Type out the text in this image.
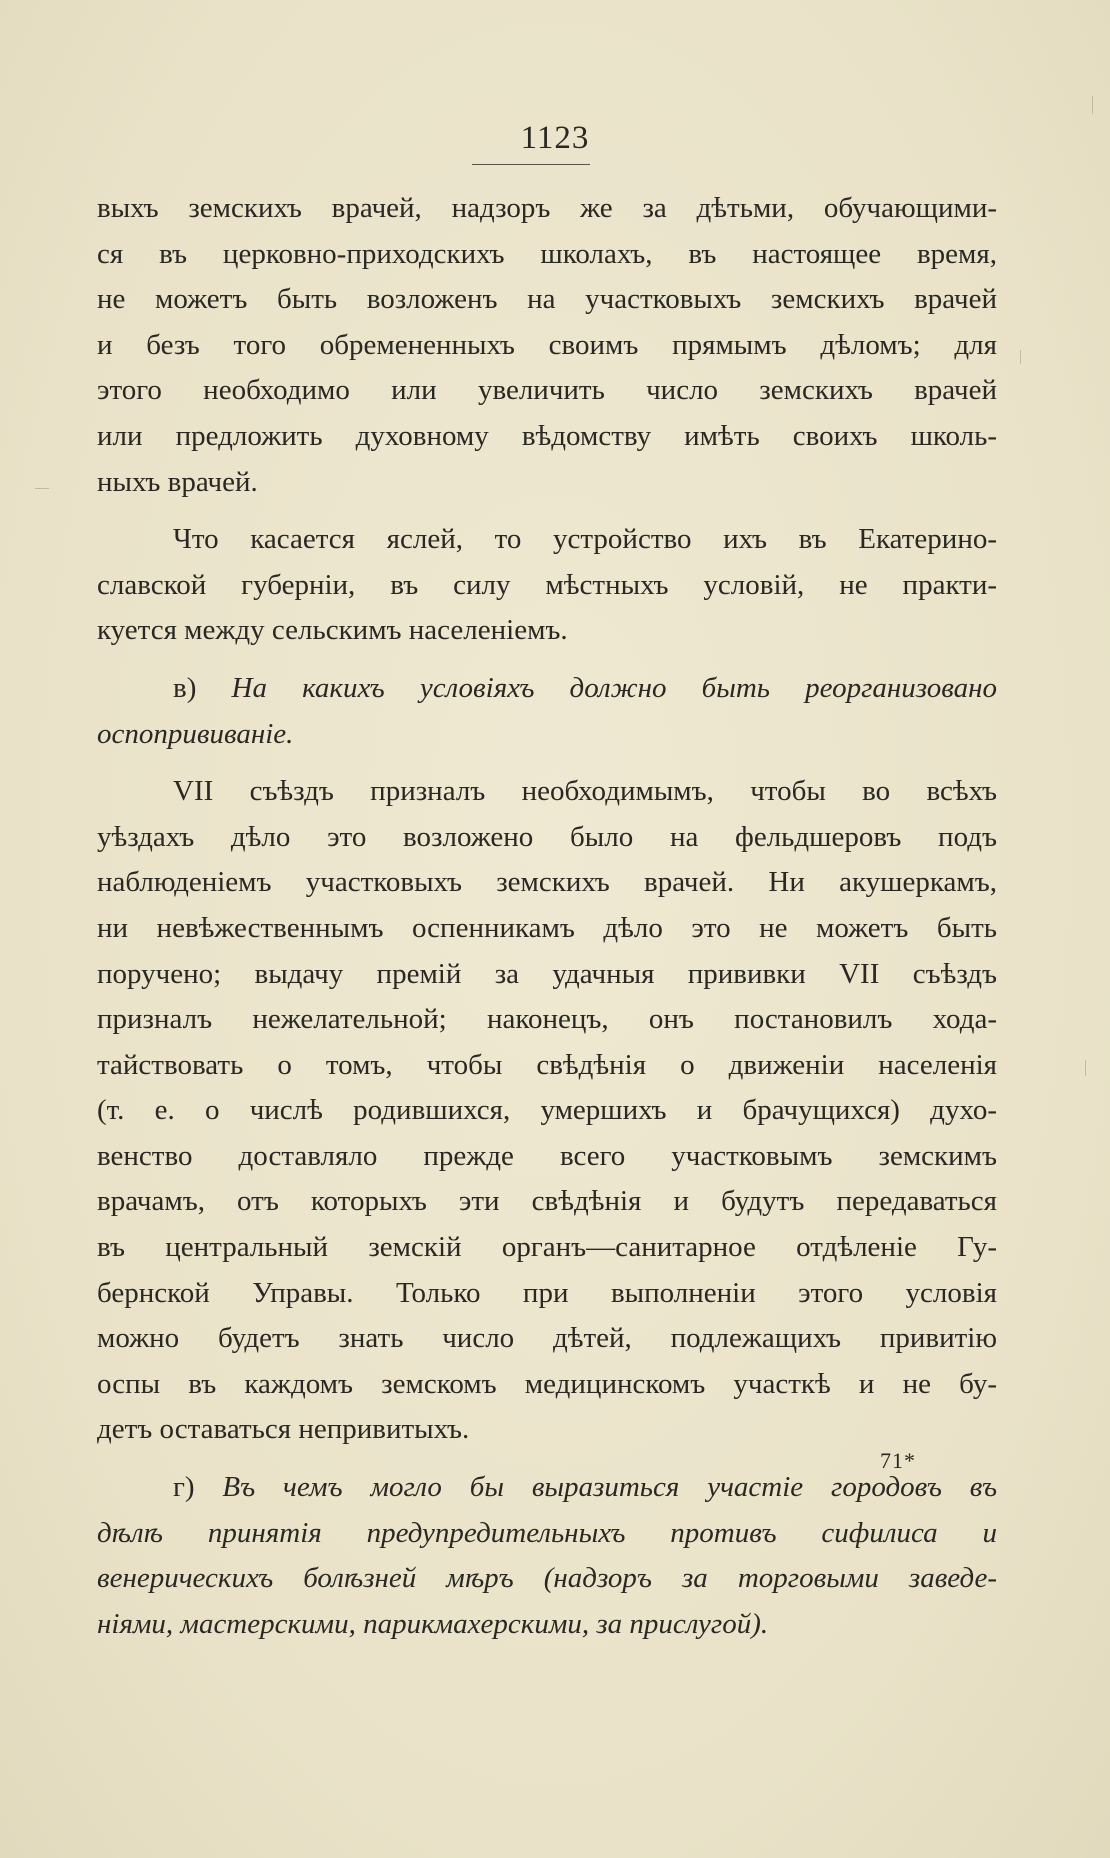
1123
выхъ земскихъ врачей, надзоръ же за дѣтьми, обучающими-
ся въ церковно-приходскихъ школахъ, въ настоящее время,
не можетъ быть возложенъ на участковыхъ земскихъ врачей
и безъ того обремененныхъ своимъ прямымъ дѣломъ; для
этого необходимо или увеличить число земскихъ врачей
или предложить духовному вѣдомству имѣть своихъ школь-
ныхъ врачей.
Что касается яслей, то устройство ихъ въ Екатерино-
славской губерніи, въ силу мѣстныхъ условій, не практи-
куется между сельскимъ населеніемъ.
в) На какихъ условіяхъ должно быть реорганизовано
оспопрививаніе.
VII съѣздъ призналъ необходимымъ, чтобы во всѣхъ
уѣздахъ дѣло это возложено было на фельдшеровъ подъ
наблюденіемъ участковыхъ земскихъ врачей. Ни акушеркамъ,
ни невѣжественнымъ оспенникамъ дѣло это не можетъ быть
поручено; выдачу премій за удачныя прививки VII съѣздъ
призналъ нежелательной; наконецъ, онъ постановилъ хода-
тайствовать о томъ, чтобы свѣдѣнія о движеніи населенія
(т. е. о числѣ родившихся, умершихъ и брачущихся) духо-
венство доставляло прежде всего участковымъ земскимъ
врачамъ, отъ которыхъ эти свѣдѣнія и будутъ передаваться
въ центральный земскій органъ—санитарное отдѣленіе Гу-
бернской Управы. Только при выполненіи этого условія
можно будетъ знать число дѣтей, подлежащихъ привитію
оспы въ каждомъ земскомъ медицинскомъ участкѣ и не бу-
детъ оставаться непривитыхъ.
г) Въ чемъ могло бы выразиться участіе городовъ въ
дѣлѣ принятія предупредительныхъ противъ сифилиса и
венерическихъ болѣзней мѣръ (надзоръ за торговыми заведе-
ніями, мастерскими, парикмахерскими, за прислугой).
71*
